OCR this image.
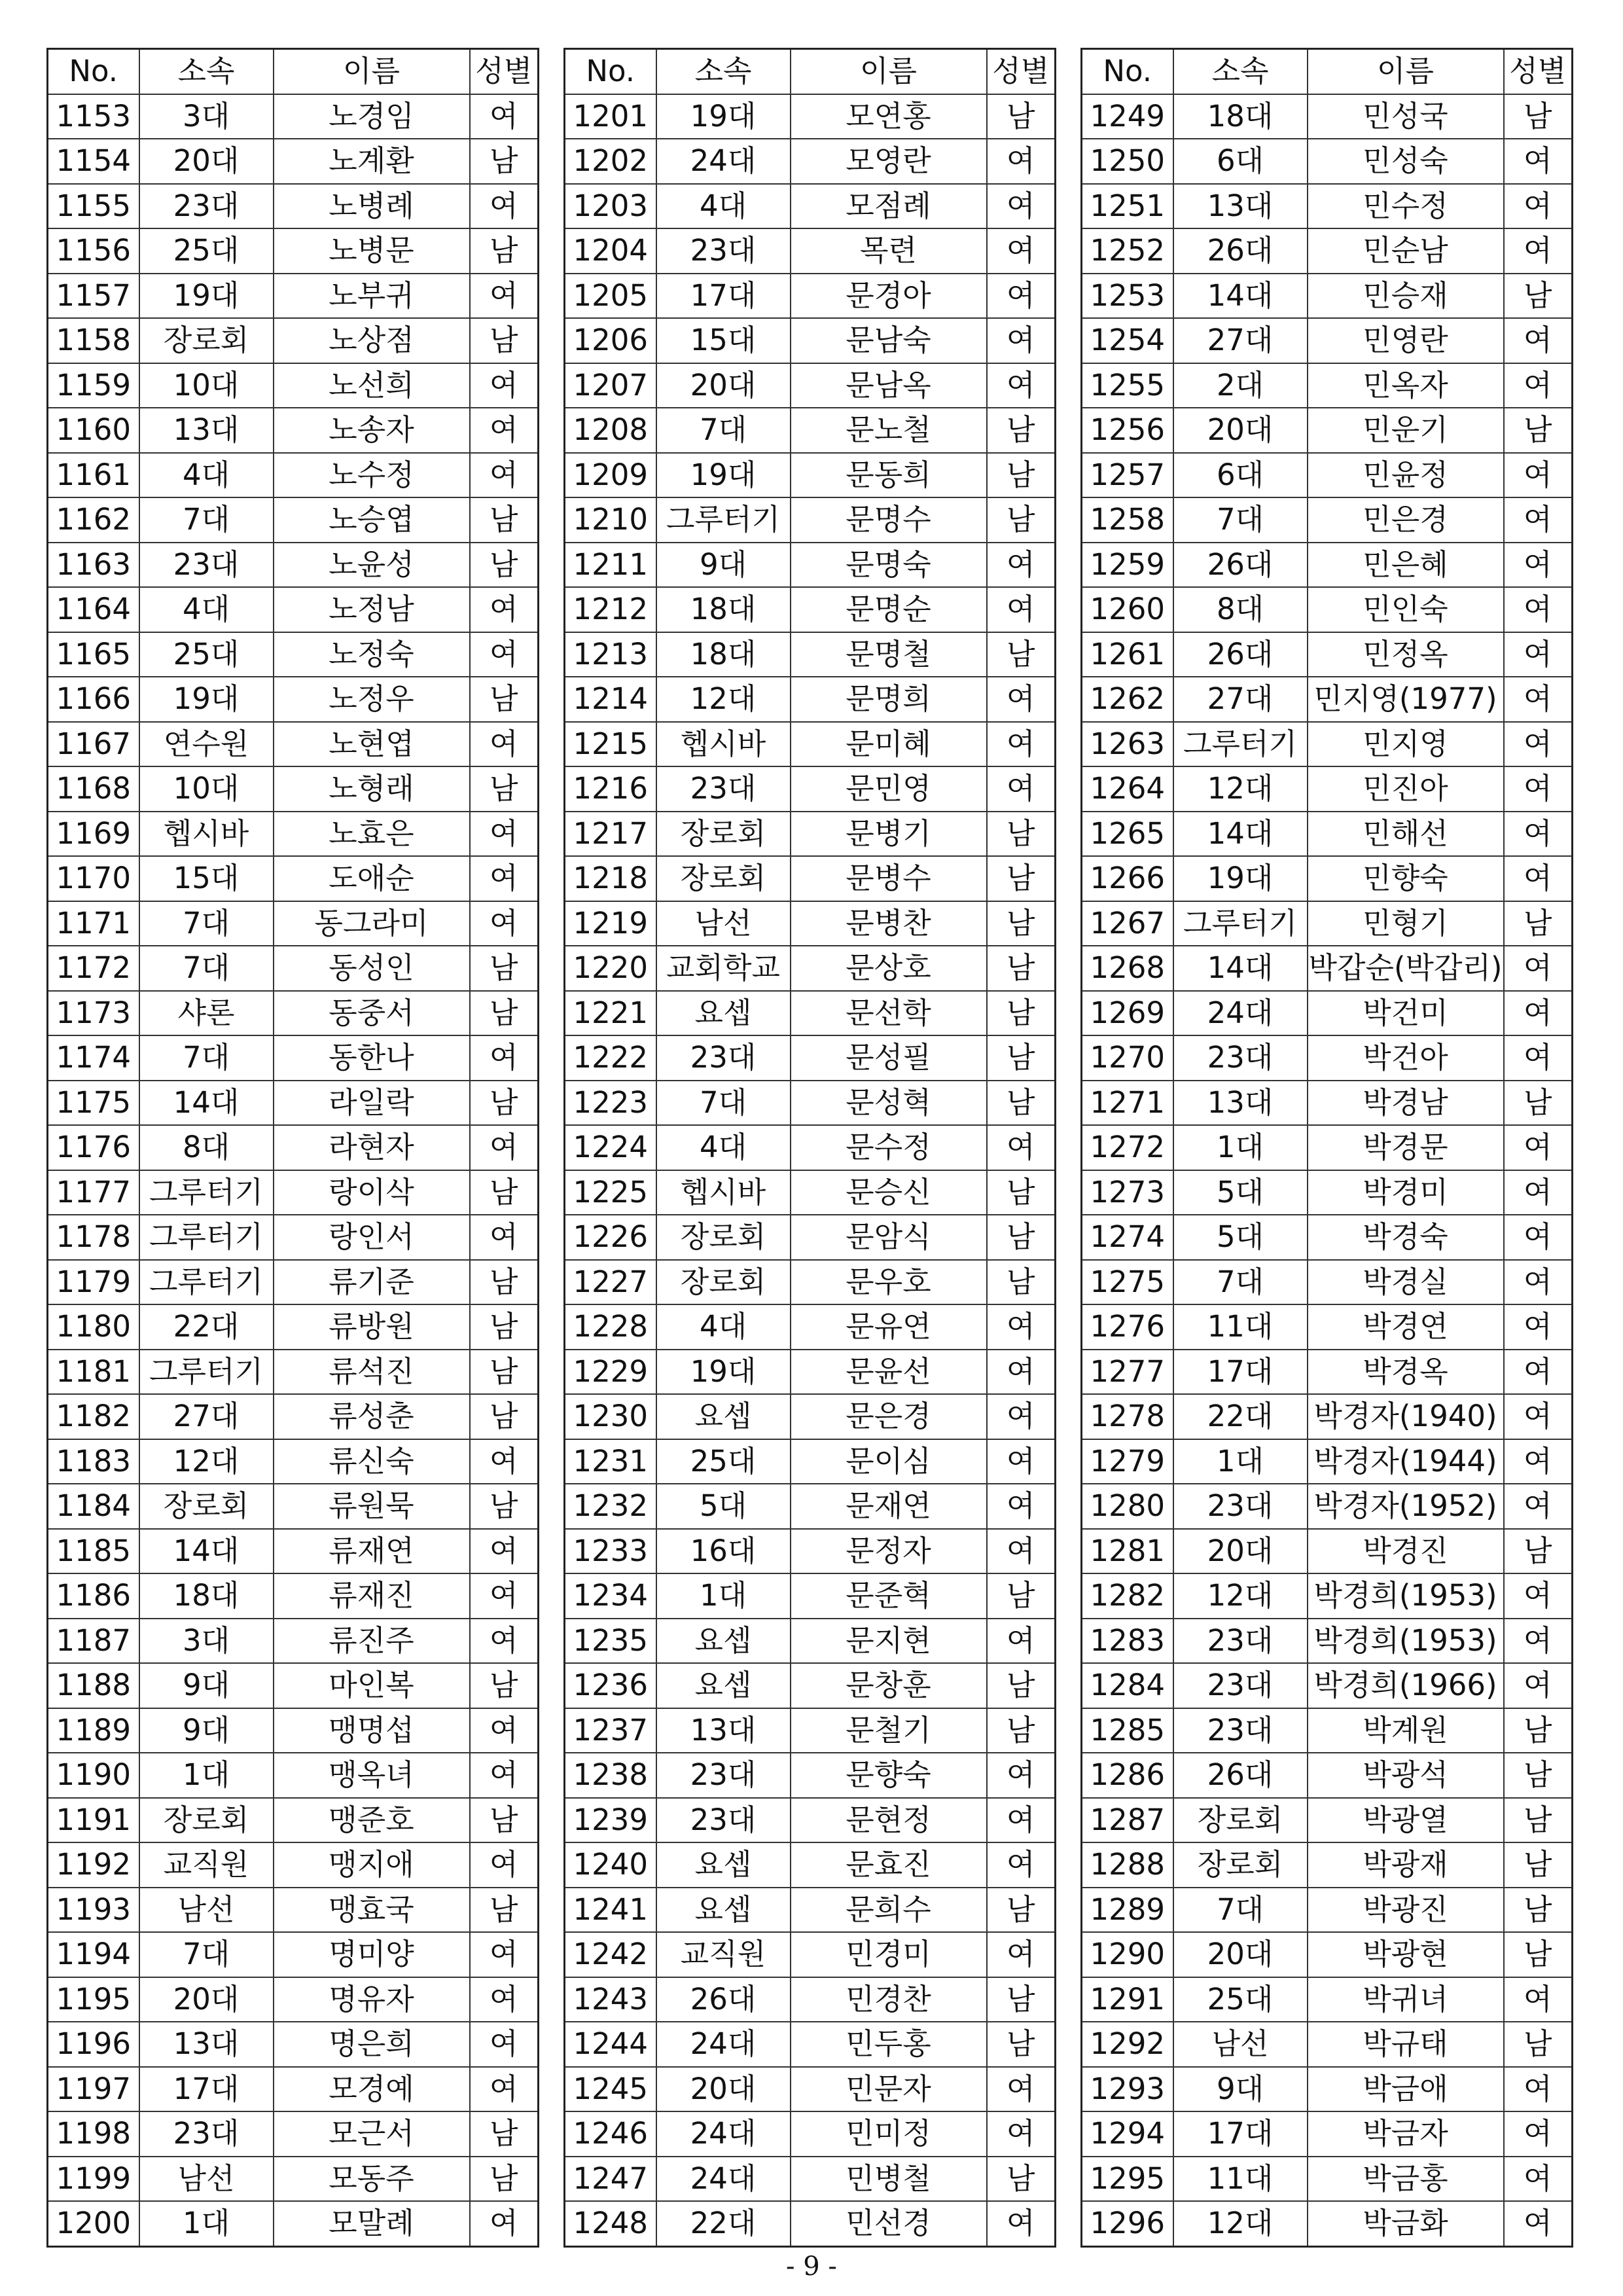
No.	소속	이름	성별
1153	3대	노경임	여
1154	20대	노계환	남
1155	23대	노병례	여
1156	25대	노병문	남
1157	19대	노부귀	여
1158	장로회	노상점	남
1159	10대	노선희	여
1160	13대	노송자	여
1161	4대	노수정	여
1162	7대	노승엽	남
1163	23대	노윤성	남
1164	4대	노정남	여
1165	25대	노정숙	여
1166	19대	노정우	남
1167	연수원	노현엽	여
1168	10대	노형래	남
1169	헵시바	노효은	여
1170	15대	도애순	여
1171	7대	동그라미	여
1172	7대	동성인	남
1173	샤론	동중서	남
1174	7대	동한나	여
1175	14대	라일락	남
1176	8대	라현자	여
1177	그루터기	랑이삭	남
1178	그루터기	랑인서	여
1179	그루터기	류기준	남
1180	22대	류방원	남
1181	그루터기	류석진	남
1182	27대	류성춘	남
1183	12대	류신숙	여
1184	장로회	류원묵	남
1185	14대	류재연	여
1186	18대	류재진	여
1187	3대	류진주	여
1188	9대	마인복	남
1189	9대	맹명섭	여
1190	1대	맹옥녀	여
1191	장로회	맹준호	남
1192	교직원	맹지애	여
1193	남선	맹효국	남
1194	7대	명미양	여
1195	20대	명유자	여
1196	13대	명은희	여
1197	17대	모경예	여
1198	23대	모근서	남
1199	남선	모동주	남
1200	1대	모말례	여
No.	소속	이름	성별
1201	19대	모연홍	남
1202	24대	모영란	여
1203	4대	모점례	여
1204	23대	목련	여
1205	17대	문경아	여
1206	15대	문남숙	여
1207	20대	문남옥	여
1208	7대	문노철	남
1209	19대	문동희	남
1210	그루터기	문명수	남
1211	9대	문명숙	여
1212	18대	문명순	여
1213	18대	문명철	남
1214	12대	문명희	여
1215	헵시바	문미혜	여
1216	23대	문민영	여
1217	장로회	문병기	남
1218	장로회	문병수	남
1219	남선	문병찬	남
1220	교회학교	문상호	남
1221	요셉	문선학	남
1222	23대	문성필	남
1223	7대	문성혁	남
1224	4대	문수정	여
1225	헵시바	문승신	남
1226	장로회	문암식	남
1227	장로회	문우호	남
1228	4대	문유연	여
1229	19대	문윤선	여
1230	요셉	문은경	여
1231	25대	문이심	여
1232	5대	문재연	여
1233	16대	문정자	여
1234	1대	문준혁	남
1235	요셉	문지현	여
1236	요셉	문창훈	남
1237	13대	문철기	남
1238	23대	문향숙	여
1239	23대	문현정	여
1240	요셉	문효진	여
1241	요셉	문희수	남
1242	교직원	민경미	여
1243	26대	민경찬	남
1244	24대	민두홍	남
1245	20대	민문자	여
1246	24대	민미정	여
1247	24대	민병철	남
1248	22대	민선경	여
No.	소속	이름	성별
1249	18대	민성국	남
1250	6대	민성숙	여
1251	13대	민수정	여
1252	26대	민순남	여
1253	14대	민승재	남
1254	27대	민영란	여
1255	2대	민옥자	여
1256	20대	민운기	남
1257	6대	민윤정	여
1258	7대	민은경	여
1259	26대	민은혜	여
1260	8대	민인숙	여
1261	26대	민정옥	여
1262	27대	민지영(1977)	여
1263	그루터기	민지영	여
1264	12대	민진아	여
1265	14대	민해선	여
1266	19대	민향숙	여
1267	그루터기	민형기	남
1268	14대	박갑순(박갑리)	여
1269	24대	박건미	여
1270	23대	박건아	여
1271	13대	박경남	남
1272	1대	박경문	여
1273	5대	박경미	여
1274	5대	박경숙	여
1275	7대	박경실	여
1276	11대	박경연	여
1277	17대	박경옥	여
1278	22대	박경자(1940)	여
1279	1대	박경자(1944)	여
1280	23대	박경자(1952)	여
1281	20대	박경진	남
1282	12대	박경희(1953)	여
1283	23대	박경희(1953)	여
1284	23대	박경희(1966)	여
1285	23대	박계원	남
1286	26대	박광석	남
1287	장로회	박광열	남
1288	장로회	박광재	남
1289	7대	박광진	남
1290	20대	박광현	남
1291	25대	박귀녀	여
1292	남선	박규태	남
1293	9대	박금애	여
1294	17대	박금자	여
1295	11대	박금홍	여
1296	12대	박금화	여
- 9 -
